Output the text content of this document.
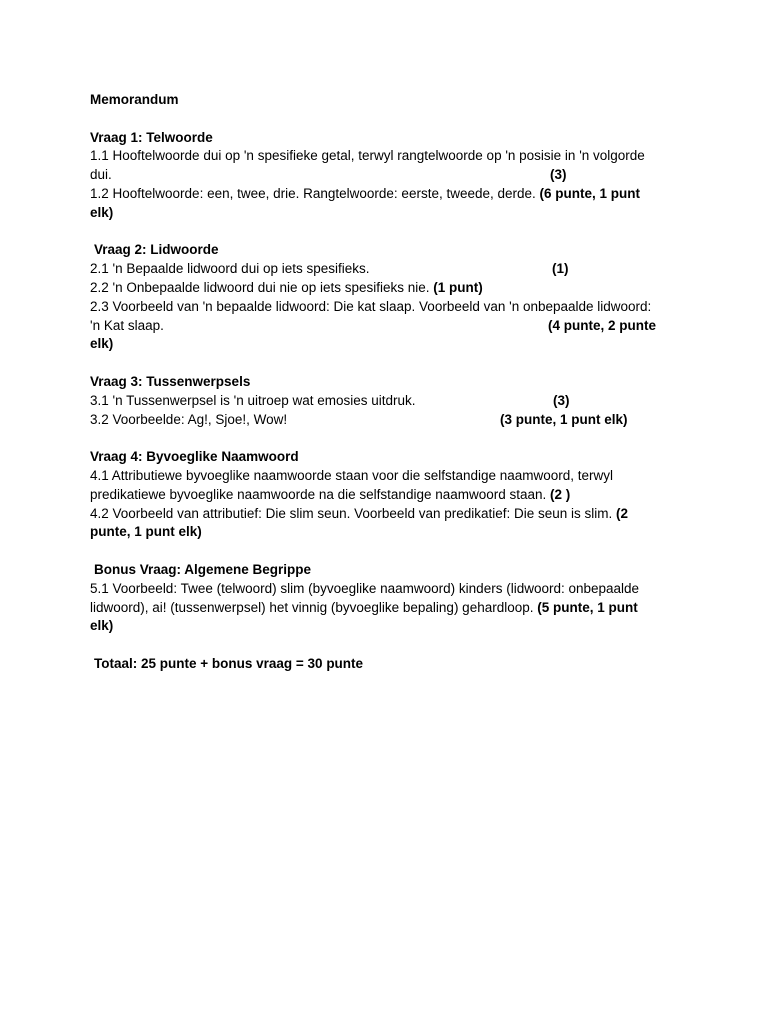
Memorandum
Vraag 1: Telwoorde
1.1 Hooftelwoorde dui op 'n spesifieke getal, terwyl rangtelwoorde op 'n posisie in 'n volgorde
dui.	(3)
1.2 Hooftelwoorde: een, twee, drie. Rangtelwoorde: eerste, tweede, derde. (6 punte, 1 punt
elk)
Vraag 2: Lidwoorde
2.1 'n Bepaalde lidwoord dui op iets spesifieks.	(1)
2.2 'n Onbepaalde lidwoord dui nie op iets spesifieks nie. (1 punt)
2.3 Voorbeeld van 'n bepaalde lidwoord: Die kat slaap. Voorbeeld van 'n onbepaalde lidwoord:
'n Kat slaap.	(4 punte, 2 punte
elk)
Vraag 3: Tussenwerpsels
3.1 'n Tussenwerpsel is 'n uitroep wat emosies uitdruk.	(3)
3.2 Voorbeelde: Ag!, Sjoe!, Wow!	(3 punte, 1 punt elk)
Vraag 4: Byvoeglike Naamwoord
4.1 Attributiewe byvoeglike naamwoorde staan voor die selfstandige naamwoord, terwyl
predikatiewe byvoeglike naamwoorde na die selfstandige naamwoord staan. (2 )
4.2 Voorbeeld van attributief: Die slim seun. Voorbeeld van predikatief: Die seun is slim. (2
punte, 1 punt elk)
Bonus Vraag: Algemene Begrippe
5.1 Voorbeeld: Twee (telwoord) slim (byvoeglike naamwoord) kinders (lidwoord: onbepaalde
lidwoord), ai! (tussenwerpsel) het vinnig (byvoeglike bepaling) gehardloop. (5 punte, 1 punt
elk)
Totaal: 25 punte + bonus vraag = 30 punte
